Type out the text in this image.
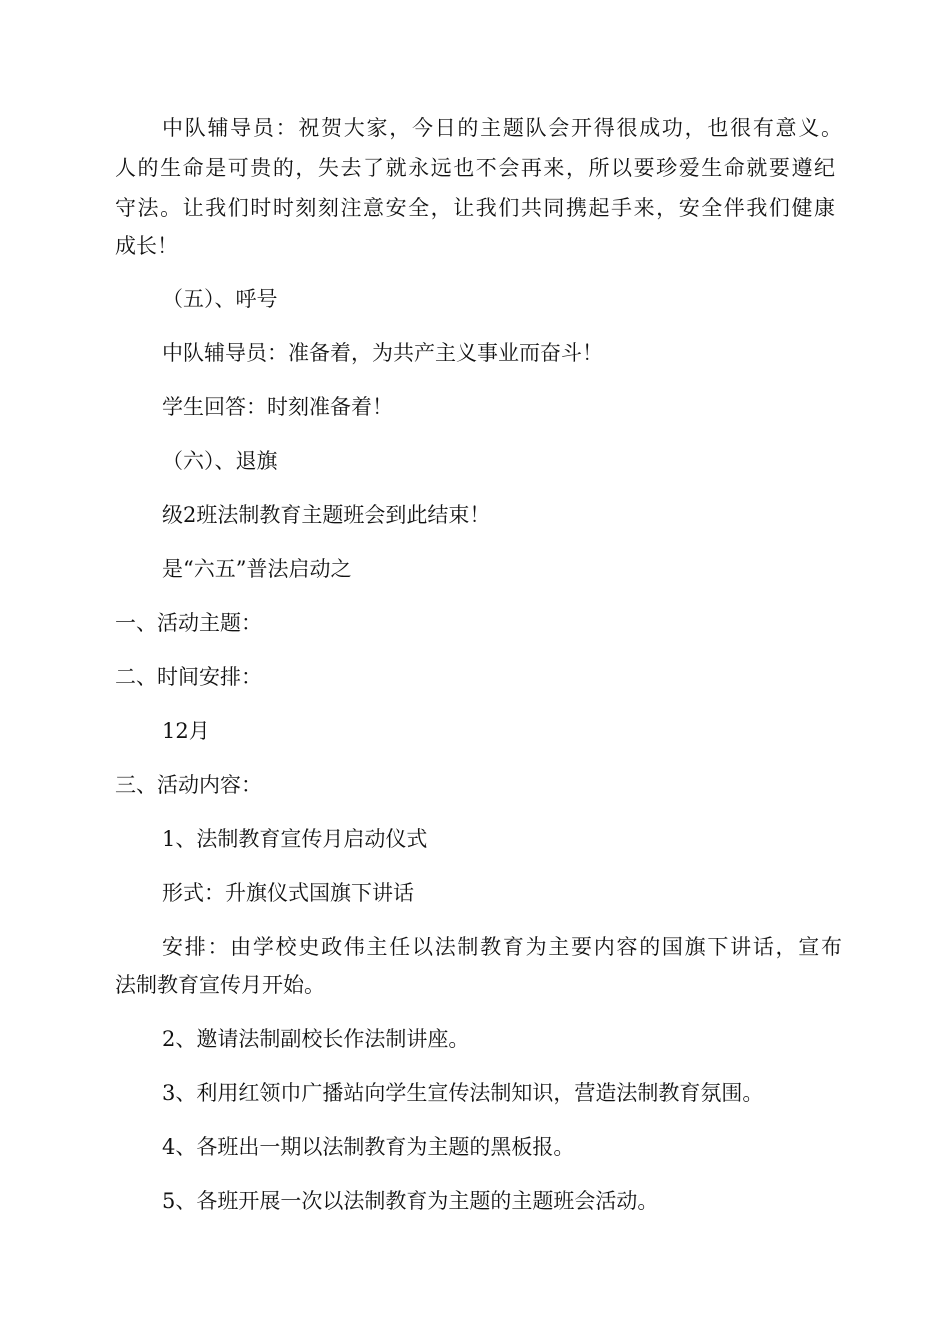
中队辅导员：祝贺大家，今日的主题队会开得很成功，也很有意义。
人的生命是可贵的，失去了就永远也不会再来，所以要珍爱生命就要遵纪
守法。让我们时时刻刻注意安全，让我们共同携起手来，安全伴我们健康
成长！
（五）、呼号
中队辅导员：准备着，为共产主义事业而奋斗！
学生回答：时刻准备着！
（六）、退旗
级2班法制教育主题班会到此结束！
是“六五”普法启动之
一、活动主题：
二、时间安排：
12月
三、活动内容：
1、法制教育宣传月启动仪式
形式：升旗仪式国旗下讲话
安排：由学校史政伟主任以法制教育为主要内容的国旗下讲话，宣布
法制教育宣传月开始。
2、邀请法制副校长作法制讲座。
3、利用红领巾广播站向学生宣传法制知识，营造法制教育氛围。
4、各班出一期以法制教育为主题的黑板报。
5、各班开展一次以法制教育为主题的主题班会活动。
